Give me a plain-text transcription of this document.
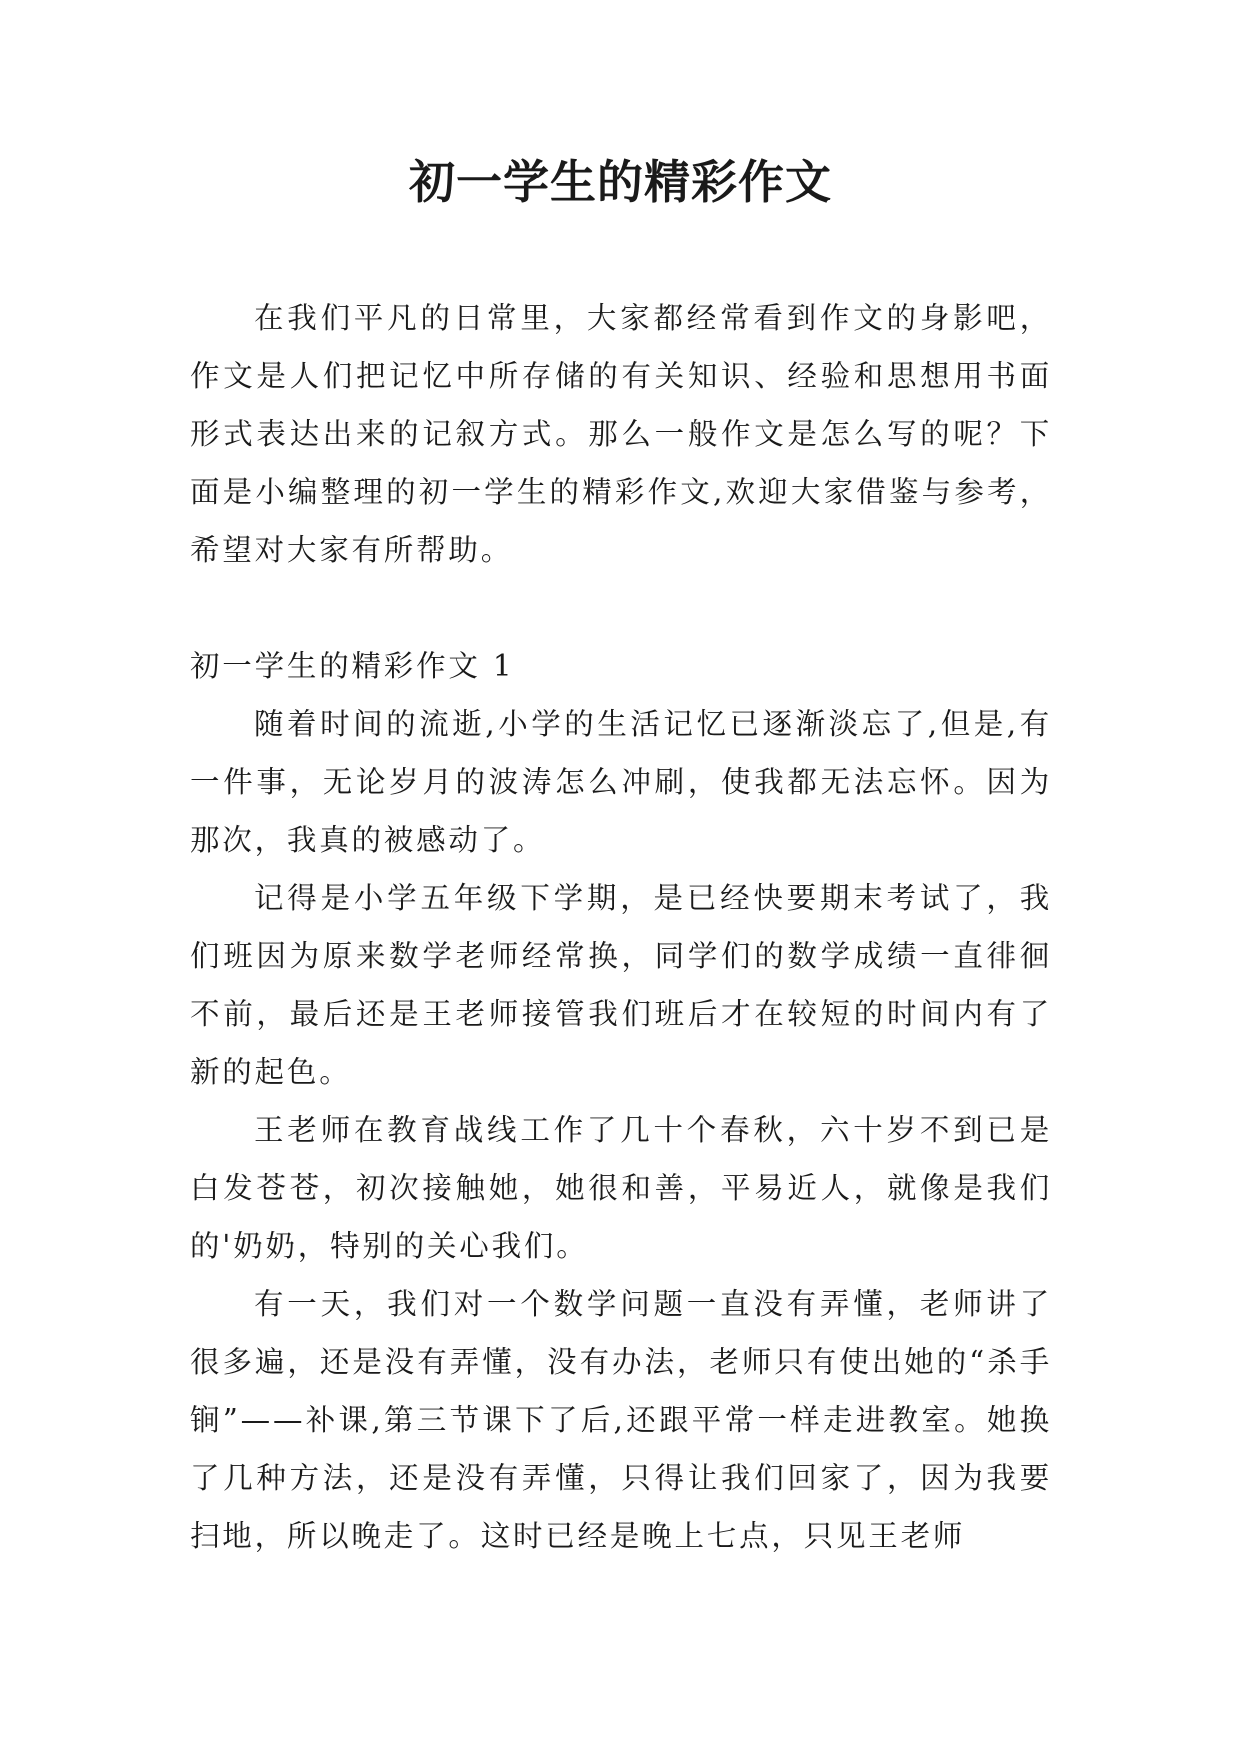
初一学生的精彩作文

在我们平凡的日常里，大家都经常看到作文的身影吧，作文是人们把记忆中所存储的有关知识、经验和思想用书面形式表达出来的记叙方式。那么一般作文是怎么写的呢？下面是小编整理的初一学生的精彩作文,欢迎大家借鉴与参考，希望对大家有所帮助。

初一学生的精彩作文 1

随着时间的流逝,小学的生活记忆已逐渐淡忘了,但是,有一件事，无论岁月的波涛怎么冲刷，使我都无法忘怀。因为那次，我真的被感动了。

记得是小学五年级下学期，是已经快要期末考试了，我们班因为原来数学老师经常换，同学们的数学成绩一直徘徊不前，最后还是王老师接管我们班后才在较短的时间内有了新的起色。

王老师在教育战线工作了几十个春秋，六十岁不到已是白发苍苍，初次接触她，她很和善，平易近人，就像是我们的'奶奶，特别的关心我们。

有一天，我们对一个数学问题一直没有弄懂，老师讲了很多遍，还是没有弄懂，没有办法，老师只有使出她的“杀手锏”——补课,第三节课下了后,还跟平常一样走进教室。她换了几种方法，还是没有弄懂，只得让我们回家了，因为我要扫地，所以晚走了。这时已经是晚上七点，只见王老师
